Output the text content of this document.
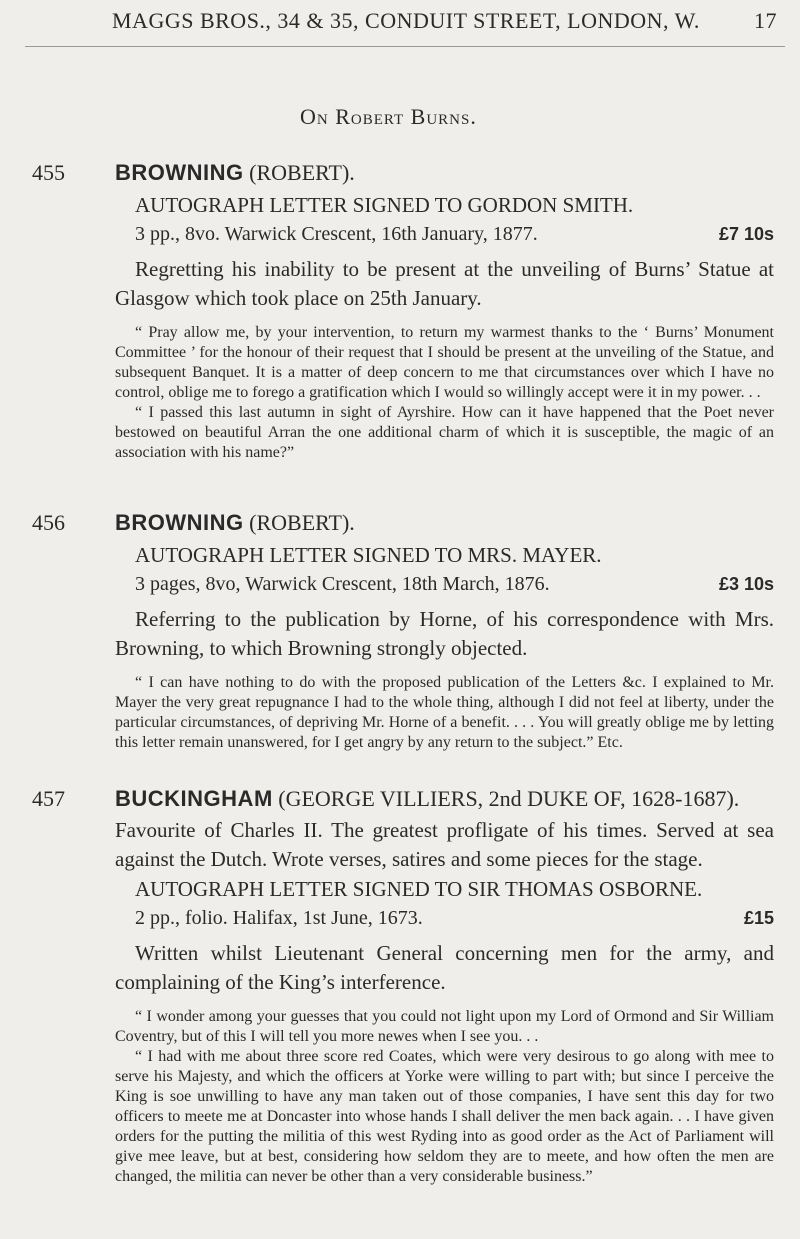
MAGGS BROS., 34 & 35, CONDUIT STREET, LONDON, W. 17
On Robert Burns.
455 BROWNING (ROBERT).

AUTOGRAPH LETTER SIGNED TO GORDON SMITH.

3 pp., 8vo. Warwick Crescent, 16th January, 1877.	£7 10s

Regretting his inability to be present at the unveiling of Burns’ Statue at Glasgow which took place on 25th January.

“ Pray allow me, by your intervention, to return my warmest thanks to the ‘ Burns’ Monument Committee ’ for the honour of their request that I should be present at the unveiling of the Statue, and subsequent Banquet. It is a matter of deep concern to me that circumstances over which I have no control, oblige me to forego a gratification which I would so willingly accept were it in my power. . .

“ I passed this last autumn in sight of Ayrshire. How can it have happened that the Poet never bestowed on beautiful Arran the one additional charm of which it is susceptible, the magic of an association with his name?”

456 BROWNING (ROBERT).

AUTOGRAPH LETTER SIGNED TO MRS. MAYER.

3 pages, 8vo, Warwick Crescent, 18th March, 1876.	£3 10s

Referring to the publication by Horne, of his correspondence with Mrs. Browning, to which Browning strongly objected.

“ I can have nothing to do with the proposed publication of the Letters &c. I explained to Mr. Mayer the very great repugnance I had to the whole thing, although I did not feel at liberty, under the particular circumstances, of depriving Mr. Horne of a benefit. . . . You will greatly oblige me by letting this letter remain unanswered, for I get angry by any return to the subject.” Etc.

457 BUCKINGHAM (GEORGE VILLIERS, 2nd DUKE OF, 1628-1687).

Favourite of Charles II. The greatest profligate of his times. Served at sea against the Dutch. Wrote verses, satires and some pieces for the stage.

AUTOGRAPH LETTER SIGNED TO SIR THOMAS OSBORNE.

2 pp., folio. Halifax, 1st June, 1673.	£15

Written whilst Lieutenant General concerning men for the army, and complaining of the King’s interference.

“ I wonder among your guesses that you could not light upon my Lord of Ormond and Sir William Coventry, but of this I will tell you more newes when I see you. . .

“ I had with me about three score red Coates, which were very desirous to go along with mee to serve his Majesty, and which the officers at Yorke were willing to part with; but since I perceive the King is soe unwilling to have any man taken out of those companies, I have sent this day for two officers to meete me at Doncaster into whose hands I shall deliver the men back again. . . I have given orders for the putting the militia of this west Ryding into as good order as the Act of Parliament will give mee leave, but at best, considering how seldom they are to meete, and how often the men are changed, the militia can never be other than a very considerable business.”
